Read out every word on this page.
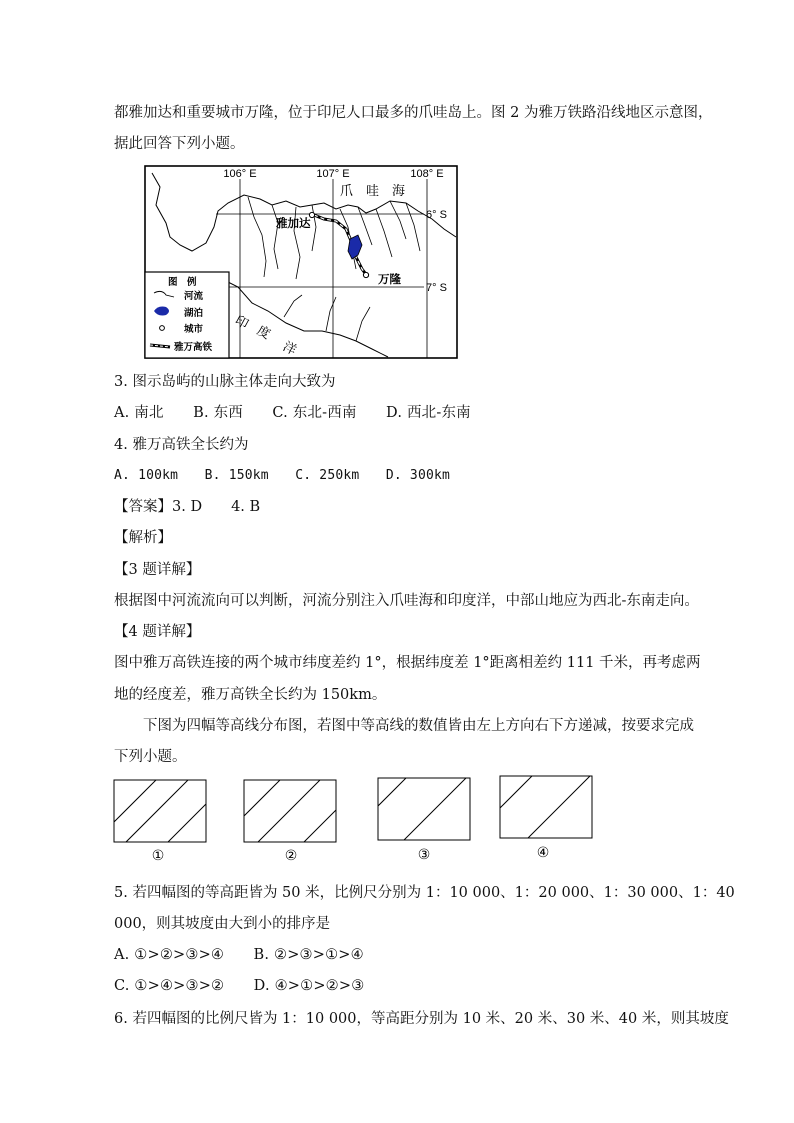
都雅加达和重要城市万隆，位于印尼人口最多的爪哇岛上。图 2 为雅万铁路沿线地区示意图，
据此回答下列小题。
106° E	107° E	108° E
6° S
7° S
爪　哇　海
雅加达
万隆
印
度
洋
图　例
河流
湖泊
城市
雅万高铁
3. 图示岛屿的山脉主体走向大致为
A. 南北　　B. 东西　　C. 东北-西南　　D. 西北-东南
4. 雅万高铁全长约为
A. 100km　　B. 150km　　C. 250km　　D. 300km
【答案】3. D　　4. B
【解析】
【3 题详解】
根据图中河流流向可以判断，河流分别注入爪哇海和印度洋，中部山地应为西北-东南走向。
【4 题详解】
图中雅万高铁连接的两个城市纬度差约 1°，根据纬度差 1°距离相差约 111 千米，再考虑两
地的经度差，雅万高铁全长约为 150km。
下图为四幅等高线分布图，若图中等高线的数值皆由左上方向右下方递减，按要求完成
下列小题。
①	②	③	④
5. 若四幅图的等高距皆为 50 米，比例尺分别为 1：10 000、1：20 000、1：30 000、1：40
000，则其坡度由大到小的排序是
A. ①>②>③>④　　B. ②>③>①>④
C. ①>④>③>②　　D. ④>①>②>③
6. 若四幅图的比例尺皆为 1：10 000，等高距分别为 10 米、20 米、30 米、40 米，则其坡度
